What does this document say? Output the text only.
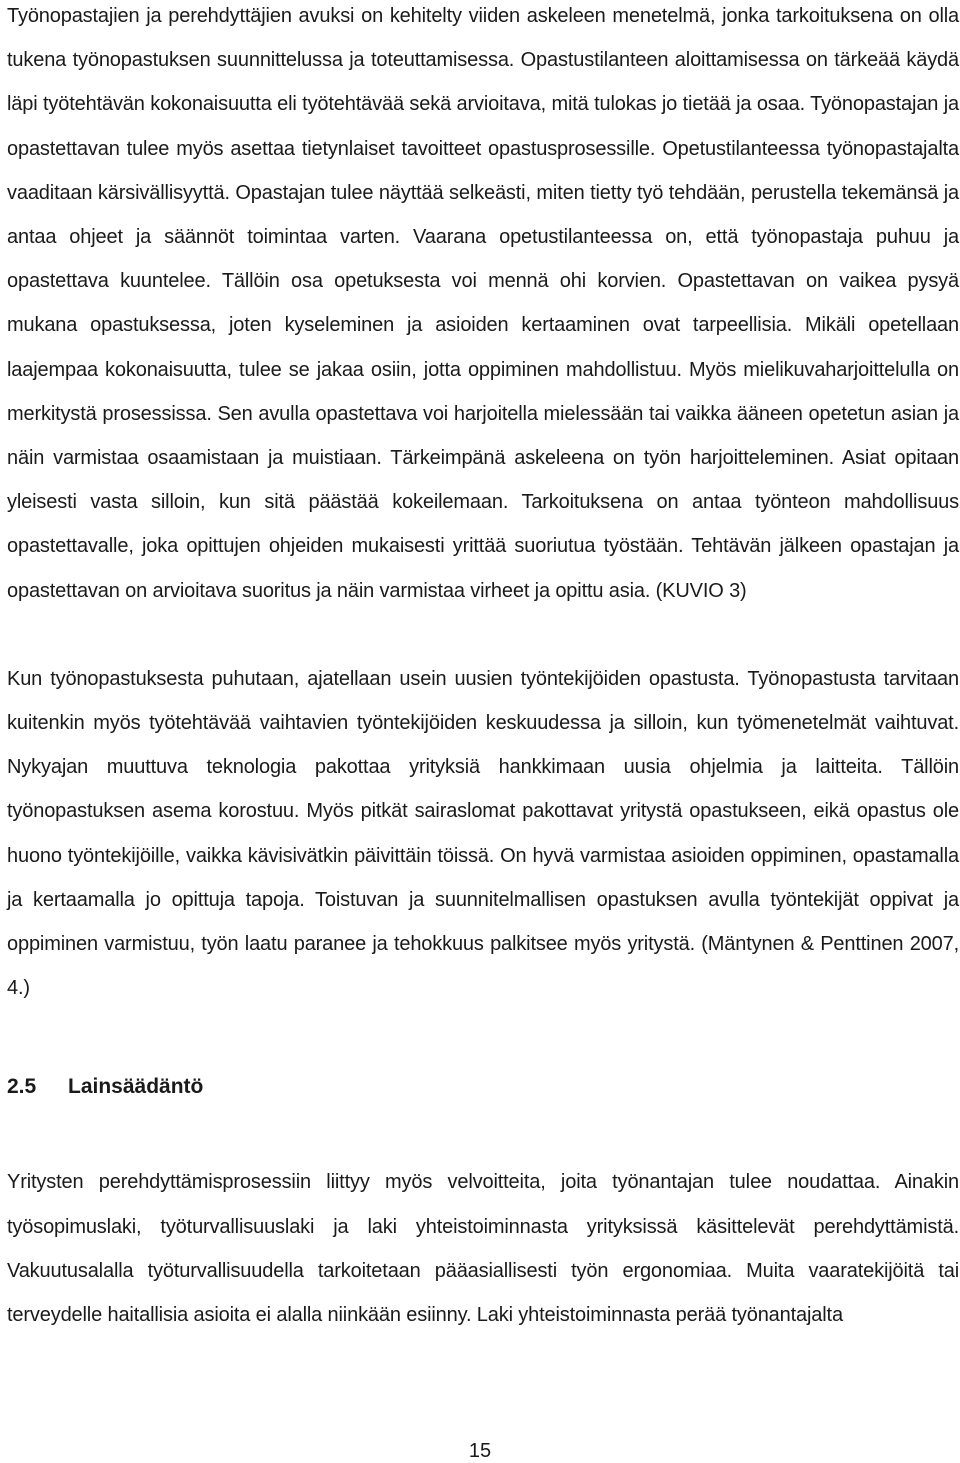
Työnopastajien ja perehdyttäjien avuksi on kehitelty viiden askeleen menetelmä, jonka tarkoituksena on olla tukena työnopastuksen suunnittelussa ja toteuttamisessa. Opastustilanteen aloittamisessa on tärkeää käydä läpi työtehtävän kokonaisuutta eli työtehtävää sekä arvioitava, mitä tulokas jo tietää ja osaa. Työnopastajan ja opastettavan tulee myös asettaa tietynlaiset tavoitteet opastusprosessille. Opetustilanteessa työnopastajalta vaaditaan kärsivällisyyttä. Opastajan tulee näyttää selkeästi, miten tietty työ tehdään, perustella tekemänsä ja antaa ohjeet ja säännöt toimintaa varten. Vaarana opetustilanteessa on, että työnopastaja puhuu ja opastettava kuuntelee. Tällöin osa opetuksesta voi mennä ohi korvien. Opastettavan on vaikea pysyä mukana opastuksessa, joten kyseleminen ja asioiden kertaaminen ovat tarpeellisia. Mikäli opetellaan laajempaa kokonaisuutta, tulee se jakaa osiin, jotta oppiminen mahdollistuu. Myös mielikuvaharjoittelulla on merkitystä prosessissa. Sen avulla opastettava voi harjoitella mielessään tai vaikka ääneen opetetun asian ja näin varmistaa osaamistaan ja muistiaan. Tärkeimpänä askeleena on työn harjoitteleminen. Asiat opitaan yleisesti vasta silloin, kun sitä päästää kokeilemaan. Tarkoituksena on antaa työnteon mahdollisuus opastettavalle, joka opittujen ohjeiden mukaisesti yrittää suoriutua työstään. Tehtävän jälkeen opastajan ja opastettavan on arvioitava suoritus ja näin varmistaa virheet ja opittu asia. (KUVIO 3)

Kun työnopastuksesta puhutaan, ajatellaan usein uusien työntekijöiden opastusta. Työnopastusta tarvitaan kuitenkin myös työtehtävää vaihtavien työntekijöiden keskuudessa ja silloin, kun työmenetelmät vaihtuvat. Nykyajan muuttuva teknologia pakottaa yrityksiä hankkimaan uusia ohjelmia ja laitteita. Tällöin työnopastuksen asema korostuu. Myös pitkät sairaslomat pakottavat yritystä opastukseen, eikä opastus ole huono työntekijöille, vaikka kävisivätkin päivittäin töissä. On hyvä varmistaa asioiden oppiminen, opastamalla ja kertaamalla jo opittuja tapoja. Toistuvan ja suunnitelmallisen opastuksen avulla työntekijät oppivat ja oppiminen varmistuu, työn laatu paranee ja tehokkuus palkitsee myös yritystä. (Mäntynen & Penttinen 2007, 4.)

2.5	Lainsäädäntö

Yritysten perehdyttämisprosessiin liittyy myös velvoitteita, joita työnantajan tulee noudattaa. Ainakin työsopimuslaki, työturvallisuuslaki ja laki yhteistoiminnasta yrityksissä käsittelevät perehdyttämistä. Vakuutusalalla työturvallisuudella tarkoitetaan pääasiallisesti työn ergonomiaa. Muita vaaratekijöitä tai terveydelle haitallisia asioita ei alalla niinkään esiinny. Laki yhteistoiminnasta perää työnantajalta

15
